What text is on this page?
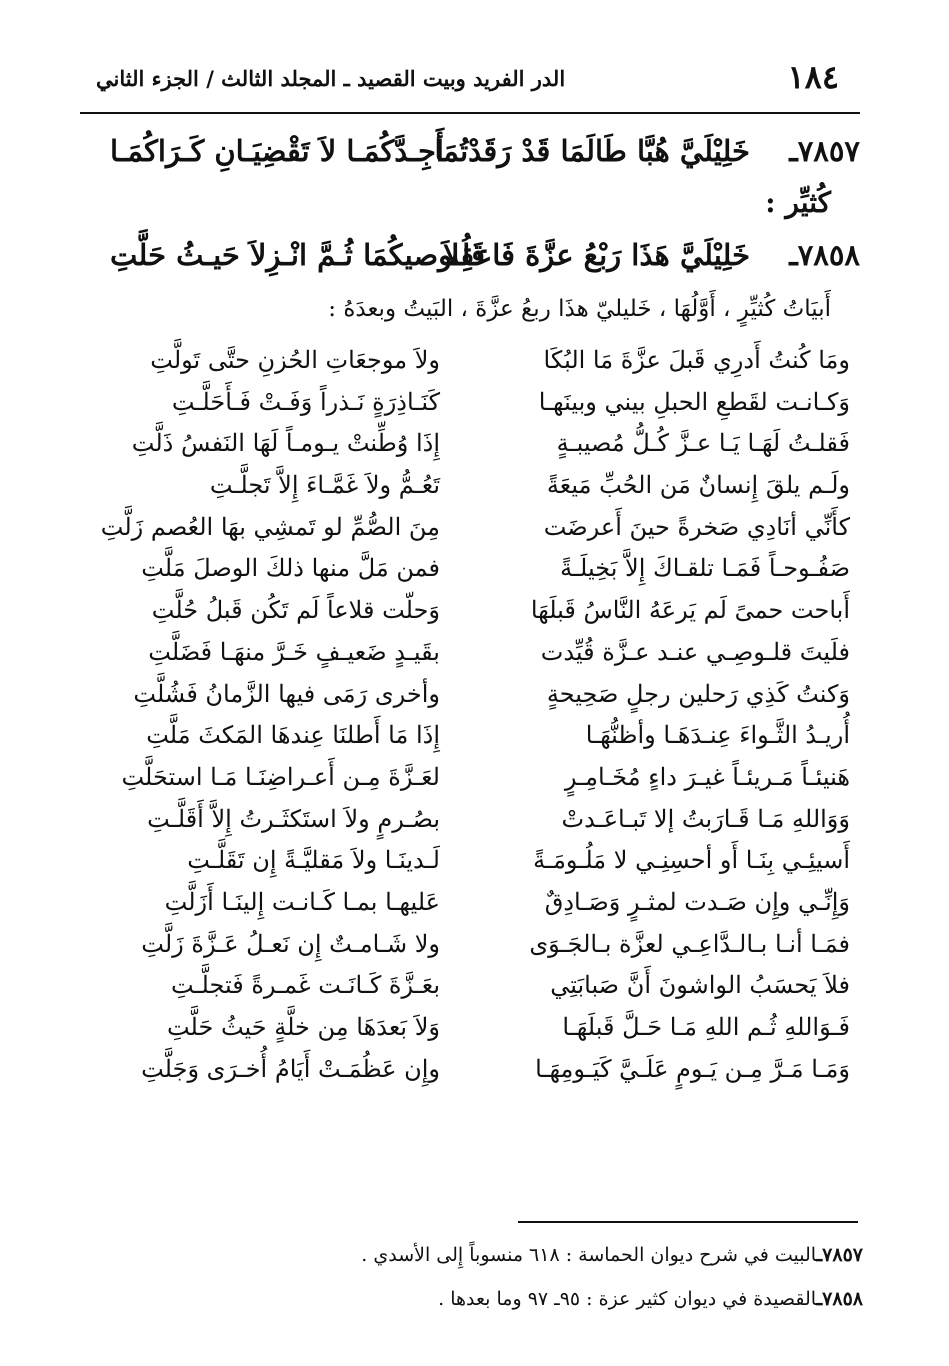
١٨٤
الدر الفريد وبيت القصيد ـ المجلد الثالث / الجزء الثاني
٧٨٥٧ـ
خَلِيْلَيَّ هُبَّا طَالَمَا قَدْ رَقَدْتُمَا
أَجِـدَّكُمَـا لاَ تَقْضِيَـانِ كَـرَاكُمَـا
كُثيِّر :
٧٨٥٨ـ
خَلِيْلَيَّ هَذَا رَبْعُ عزَّةَ فَاعقِلاَ
قَلُـوصيكُمَا ثُـمَّ انْـزِلاَ حَيـثُ حَلَّتِ
أَبيَاتُ كُثيِّرٍ ، أَوَّلُهَا ، خَليليّ هذَا ربعُ عزَّةَ ، البَيتُ وبعدَهُ :
ومَا كُنتُ أَدرِي قَبلَ عزَّةَ مَا البُكَا
ولاَ موجعَاتِ الحُزنِ حتَّى تَولَّتِ
وَكـانـت لقَطعِ الحبلِ بيني وبينَهـا
كَنَـاذِرَةٍ نَـذراً وَفَـتْ فَـأَحَلَّـتِ
فَقلـتُ لَهَـا يَـا عـزَّ كُـلُّ مُصيبـةٍ
إِذَا وُطِّنتْ يـومـاً لَهَا النَفسُ ذَلَّتِ
ولَـم يلقَ إِنسانٌ مَن الحُبِّ مَيعَةً
تَعُـمُّ ولاَ غَمَّـاءَ إِلاَّ تَجلَّـتِ
كأَنِّي أنَادِي صَخرةً حينَ أَعرضَت
مِنَ الصُّمِّ لو تَمشِي بهَا العُصم زَلَّتِ
صَفُـوحـاً فَمَـا تلقـاكَ إِلاَّ بَخِيلَـةً
فمن مَلَّ منها ذلكَ الوصلَ مَلَّتِ
أَباحت حمىً لَم يَرعَهُ النَّاسُ قَبلَهَا
وَحلّت قلاعاً لَم تَكُن قَبلُ حُلَّتِ
فلَيتَ قلـوصِـي عنـد عـزَّة قُيِّدت
بقَيـدٍ ضَعيـفٍ خَـرَّ منهَـا فَضَلَّتِ
وَكنتُ كَذِي رَحلين رجلٍ صَحِيحةٍ
وأخرى رَمَى فيها الزَّمانُ فَشُلَّتِ
أُريـدُ الثَّـواءَ عِنـدَهَـا وأظنُّهَـا
إِذَا مَا أَطلنَا عِندهَا المَكثَ مَلَّتِ
هَنيئـاً مَـريئـاً غيـرَ داءٍ مُخَـامِـرٍ
لعَـزَّةَ مِـن أَعـراضِنَـا مَـا استحَلَّتِ
وَوَاللهِ مَـا قَـارَبتُ إلا تَبـاعَـدتْ
بصُـرمٍ ولاَ استَكثَـرتُ إِلاَّ أَقَلَّـتِ
أَسيئِـي بِنَـا أَو أحسِنِـي لا مَلُـومَـةً
لَـدينَـا ولاَ مَقليَّـةً إِن تَقَلَّـتِ
وَإِنِّـي وإِن صَـدت لمثـرٍ وَصَـادِقٌ
عَليهـا بمـا كَـانـت إِلينَـا أَزَلَّتِ
فمَـا أنـا بـالـدَّاعِـي لعزَّة بـالجَـوَى
ولا شَـامـتٌ إِن نَعـلُ عَـزَّةَ زَلَّتِ
فلاَ يَحسَبُ الواشونَ أَنَّ صَبابَتِي
بعَـزَّةَ كَـانَـت غَمـرةً فَتجلَّـتِ
فَـوَاللهِ ثُـم اللهِ مَـا حَـلَّ قَبلَهَـا
وَلاَ بَعدَهَا مِن خلَّةٍ حَيثُ حَلَّتِ
وَمَـا مَـرَّ مِـن يَـومٍ عَلَـيَّ كَيَـومِهَـا
وإِن عَظُمَـتْ أَيَامُ أُخـرَى وَجَلَّتِ
٧٨٥٧ـالبيت في شرح ديوان الحماسة : ٦١٨ منسوباً إِلى الأسدي .
٧٨٥٨ـالقصيدة في ديوان كثير عزة : ٩٥ـ ٩٧ وما بعدها .
